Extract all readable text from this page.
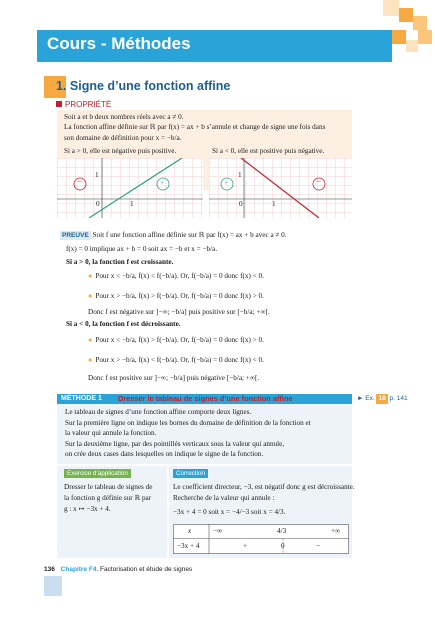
Cours - Méthodes
1. Signe d’une fonction affine
PROPRIÉTÉ
Soit a et b deux nombres réels avec a ≠ 0.
La fonction affine définie sur ℝ par f(x) = ax + b s’annule et change de signe une fois dans
son domaine de définition pour x = −b/a.
Si a > 0, elle est négative puis positive.	Si a < 0, elle est positive puis négative.
−	+
1
0	1
+	−
1
0	1
PREUVE Soit f une fonction affine définie sur ℝ par f(x) = ax + b avec a ≠ 0.
f(x) = 0 implique ax + b = 0 soit ax = −b et x = −b/a.
Si a > 0, la fonction f est croissante.
● Pour x < −b/a, f(x) < f(−b/a). Or, f(−b/a) = 0 donc f(x) < 0.
● Pour x > −b/a, f(x) > f(−b/a). Or, f(−b/a) = 0 donc f(x) > 0.
Donc f est négative sur ]−∞; −b/a] puis positive sur [−b/a; +∞[.
Si a < 0, la fonction f est décroissante.
● Pour x < −b/a, f(x) > f(−b/a). Or, f(−b/a) = 0 donc f(x) > 0.
● Pour x > −b/a, f(x) < f(−b/a). Or, f(−b/a) = 0 donc f(x) < 0.
Donc f est positive sur ]−∞; −b/a] puis négative [−b/a; +∞[.
MÉTHODE 1	Dresser le tableau de signes d’une fonction affine	► Ex. 18 p. 141
Le tableau de signes d’une fonction affine comporte deux lignes.
Sur la première ligne on indique les bornes du domaine de définition de la fonction et
la valeur qui annule la fonction.
Sur la deuxième ligne, par des pointillés verticaux sous la valeur qui annule,
on crée deux cases dans lesquelles on indique le signe de la fonction.
Exercice d’application
Dresser le tableau de signes de
la fonction g définie sur ℝ par
g : x ↦ −3x + 4.
Correction
Le coefficient directeur, −3, est négatif donc g est décroissante.
Recherche de la valeur qui annule :
−3x + 4 = 0 soit x = −4/−3 soit x = 4/3.
x	−∞	4/3	+∞
−3x + 4	+	0	−
136 Chapitre F4. Factorisation et étude de signes
